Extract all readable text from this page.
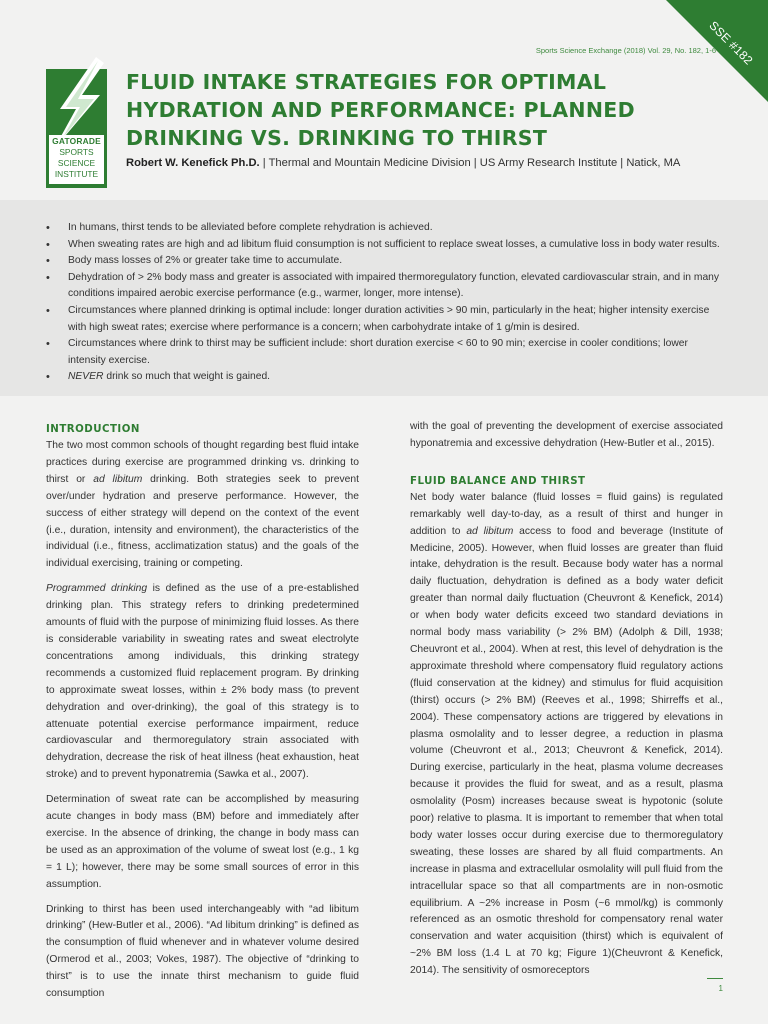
SSE #182
Sports Science Exchange (2018) Vol. 29, No. 182, 1-6
GATORADE
SPORTS
SCIENCE
INSTITUTE
FLUID INTAKE STRATEGIES FOR OPTIMAL
HYDRATION AND PERFORMANCE: PLANNED
DRINKING VS. DRINKING TO THIRST
Robert W. Kenefick Ph.D. | Thermal and Mountain Medicine Division | US Army Research Institute | Natick, MA
• In humans, thirst tends to be alleviated before complete rehydration is achieved.
• When sweating rates are high and ad libitum fluid consumption is not sufficient to replace sweat losses, a cumulative loss in body water results.
• Body mass losses of 2% or greater take time to accumulate.
• Dehydration of > 2% body mass and greater is associated with impaired thermoregulatory function, elevated cardiovascular strain, and in many conditions impaired aerobic exercise performance (e.g., warmer, longer, more intense).
• Circumstances where planned drinking is optimal include: longer duration activities > 90 min, particularly in the heat; higher intensity exercise with high sweat rates; exercise where performance is a concern; when carbohydrate intake of 1 g/min is desired.
• Circumstances where drink to thirst may be sufficient include: short duration exercise < 60 to 90 min; exercise in cooler conditions; lower intensity exercise.
• NEVER drink so much that weight is gained.
INTRODUCTION

The two most common schools of thought regarding best fluid intake practices during exercise are programmed drinking vs. drinking to thirst or ad libitum drinking. Both strategies seek to prevent over/under hydration and preserve performance. However, the success of either strategy will depend on the context of the event (i.e., duration, intensity and environment), the characteristics of the individual (i.e., fitness, acclimatization status) and the goals of the individual exercising, training or competing.

Programmed drinking is defined as the use of a pre-established drinking plan. This strategy refers to drinking predetermined amounts of fluid with the purpose of minimizing fluid losses. As there is considerable variability in sweating rates and sweat electrolyte concentrations among individuals, this drinking strategy recommends a customized fluid replacement program. By drinking to approximate sweat losses, within ± 2% body mass (to prevent dehydration and over-drinking), the goal of this strategy is to attenuate potential exercise performance impairment, reduce cardiovascular and thermoregulatory strain associated with dehydration, decrease the risk of heat illness (heat exhaustion, heat stroke) and to prevent hyponatremia (Sawka et al., 2007).

Determination of sweat rate can be accomplished by measuring acute changes in body mass (BM) before and immediately after exercise. In the absence of drinking, the change in body mass can be used as an approximation of the volume of sweat lost (e.g., 1 kg = 1 L); however, there may be some small sources of error in this assumption.

Drinking to thirst has been used interchangeably with “ad libitum drinking” (Hew-Butler et al., 2006). “Ad libitum drinking” is defined as the consumption of fluid whenever and in whatever volume desired (Ormerod et al., 2003; Vokes, 1987). The objective of “drinking to thirst” is to use the innate thirst mechanism to guide fluid consumption

with the goal of preventing the development of exercise associated hyponatremia and excessive dehydration (Hew-Butler et al., 2015).

FLUID BALANCE AND THIRST

Net body water balance (fluid losses = fluid gains) is regulated remarkably well day-to-day, as a result of thirst and hunger in addition to ad libitum access to food and beverage (Institute of Medicine, 2005). However, when fluid losses are greater than fluid intake, dehydration is the result. Because body water has a normal daily fluctuation, dehydration is defined as a body water deficit greater than normal daily fluctuation (Cheuvront & Kenefick, 2014) or when body water deficits exceed two standard deviations in normal body mass variability (> 2% BM) (Adolph & Dill, 1938; Cheuvront et al., 2004). When at rest, this level of dehydration is the approximate threshold where compensatory fluid regulatory actions (fluid conservation at the kidney) and stimulus for fluid acquisition (thirst) occurs (> 2% BM) (Reeves et al., 1998; Shirreffs et al., 2004). These compensatory actions are triggered by elevations in plasma osmolality and to lesser degree, a reduction in plasma volume (Cheuvront et al., 2013; Cheuvront & Kenefick, 2014). During exercise, particularly in the heat, plasma volume decreases because it provides the fluid for sweat, and as a result, plasma osmolality (Posm) increases because sweat is hypotonic (solute poor) relative to plasma. It is important to remember that when total body water losses occur during exercise due to thermoregulatory sweating, these losses are shared by all fluid compartments. An increase in plasma and extracellular osmolality will pull fluid from the intracellular space so that all compartments are in non-osmotic equilibrium. A ~2% increase in Posm (~6 mmol/kg) is commonly referenced as an osmotic threshold for compensatory renal water conservation and water acquisition (thirst) which is equivalent of ~2% BM loss (1.4 L at 70 kg; Figure 1)(Cheuvront & Kenefick, 2014). The sensitivity of osmoreceptors

1
